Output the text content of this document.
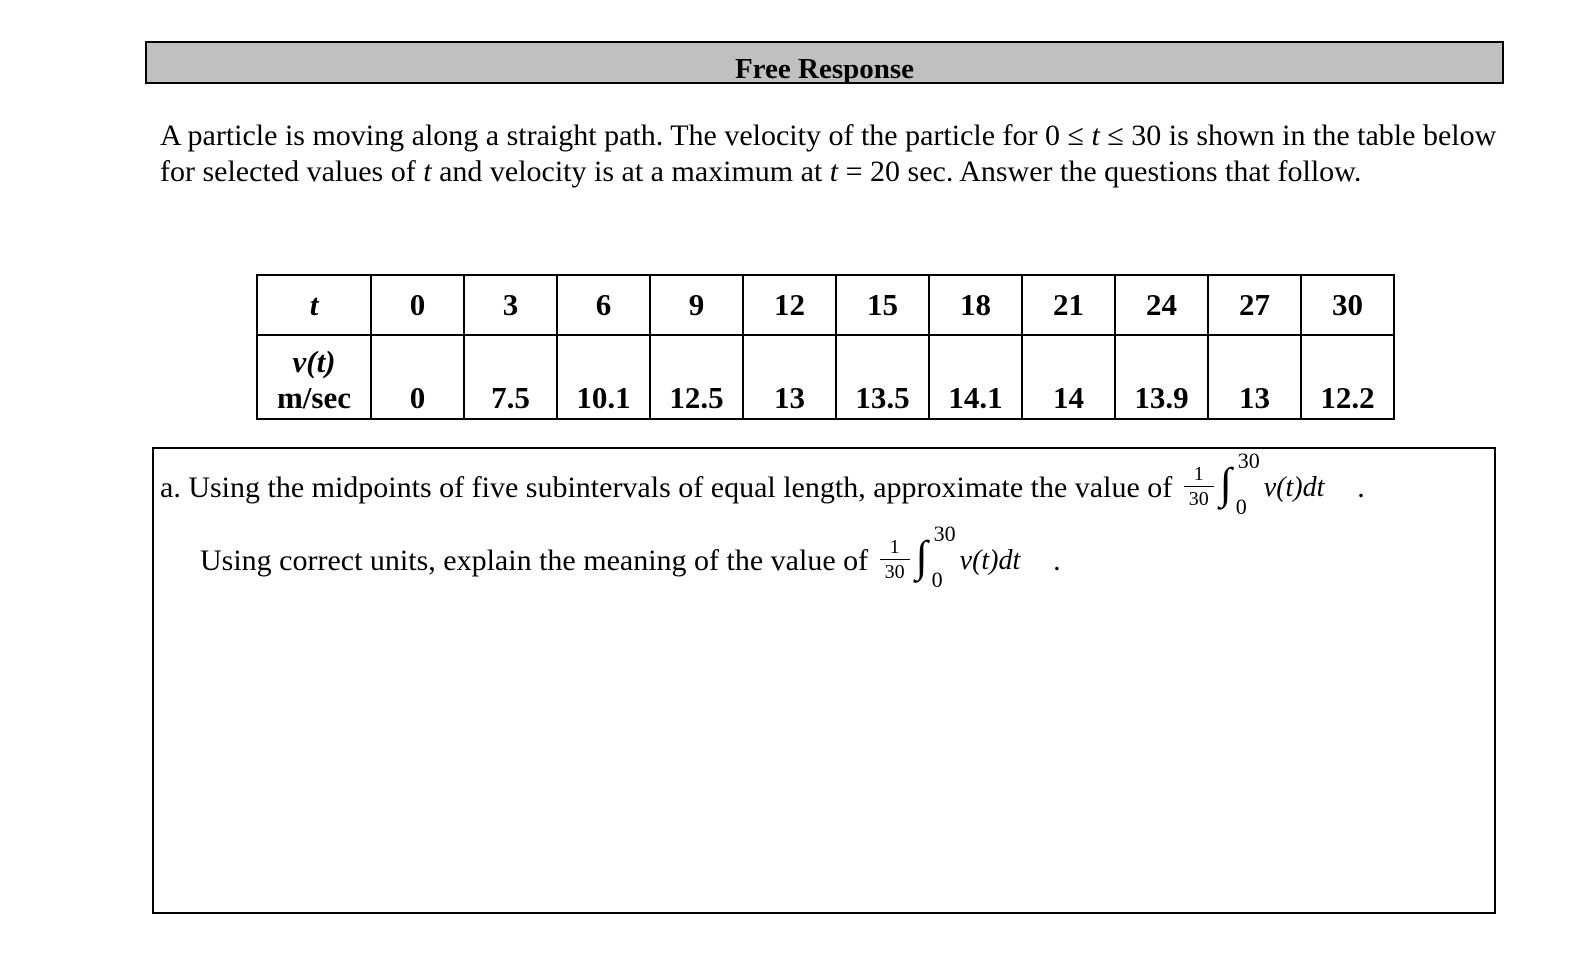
Free Response
A particle is moving along a straight path. The velocity of the particle for 0 ≤ t ≤ 30 is shown in the table below for selected values of t and velocity is at a maximum at t = 20 sec. Answer the questions that follow.
t	0	3	6	9	12	15	18	21	24	27	30
v(t)
m/sec	0	7.5	10.1	12.5	13	13.5	14.1	14	13.9	13	12.2
a. Using the midpoints of five subintervals of equal length, approximate the value of 1
30 ∫ 30
0
v(t)dt .
Using correct units, explain the meaning of the value of 1
30 ∫ 30
0
v(t)dt .
